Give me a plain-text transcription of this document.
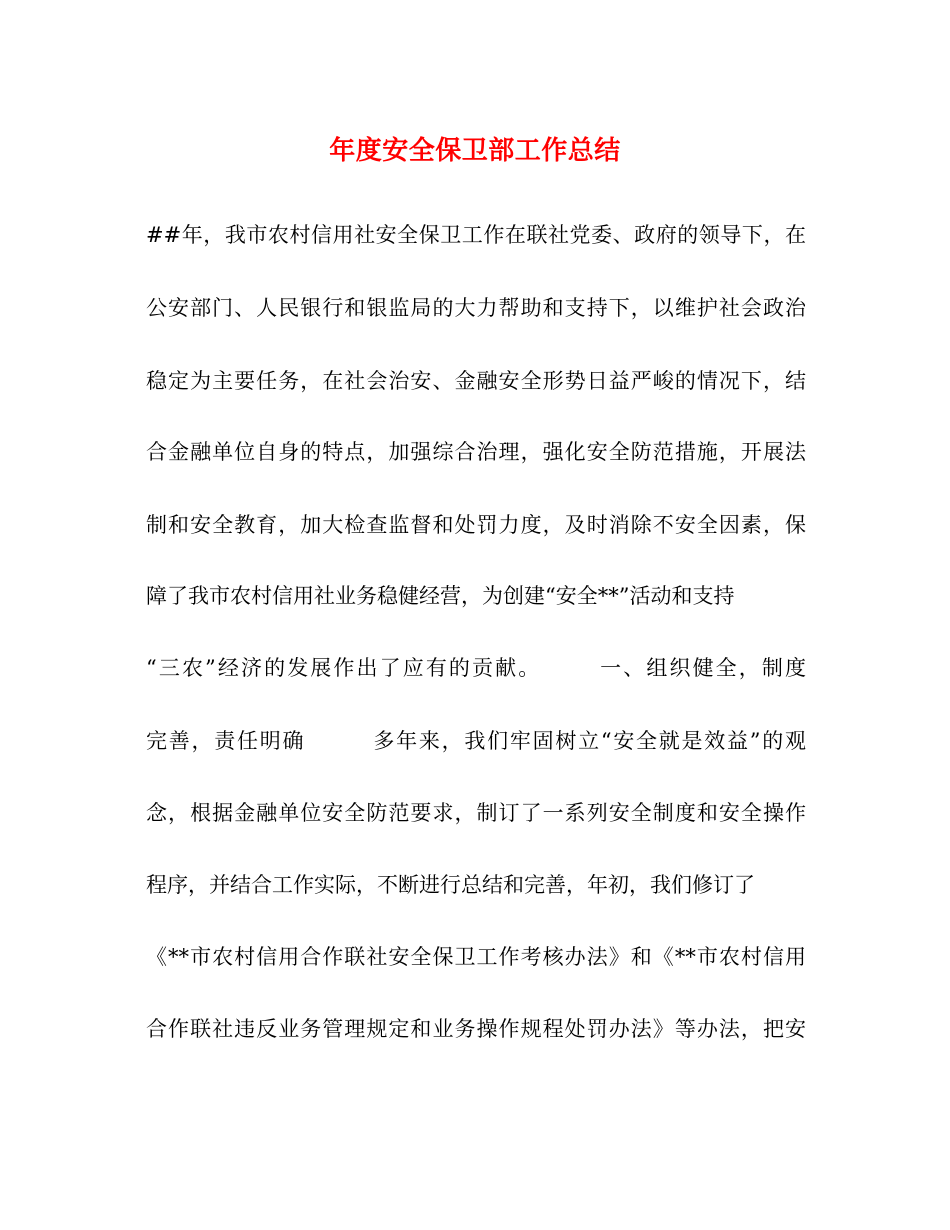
年度安全保卫部工作总结
##年，我市农村信用社安全保卫工作在联社党委、政府的领导下，在
公安部门、人民银行和银监局的大力帮助和支持下，以维护社会政治
稳定为主要任务，在社会治安、金融安全形势日益严峻的情况下，结
合金融单位自身的特点，加强综合治理，强化安全防范措施，开展法
制和安全教育，加大检查监督和处罚力度，及时消除不安全因素，保
障了我市农村信用社业务稳健经营，为创建“安全**”活动和支持
“三农”经济的发展作出了应有的贡献。　　　一、组织健全，制度
完善，责任明确　　　多年来，我们牢固树立“安全就是效益”的观
念，根据金融单位安全防范要求，制订了一系列安全制度和安全操作
程序，并结合工作实际，不断进行总结和完善，年初，我们修订了
《**市农村信用合作联社安全保卫工作考核办法》和《**市农村信用
合作联社违反业务管理规定和业务操作规程处罚办法》等办法，把安
